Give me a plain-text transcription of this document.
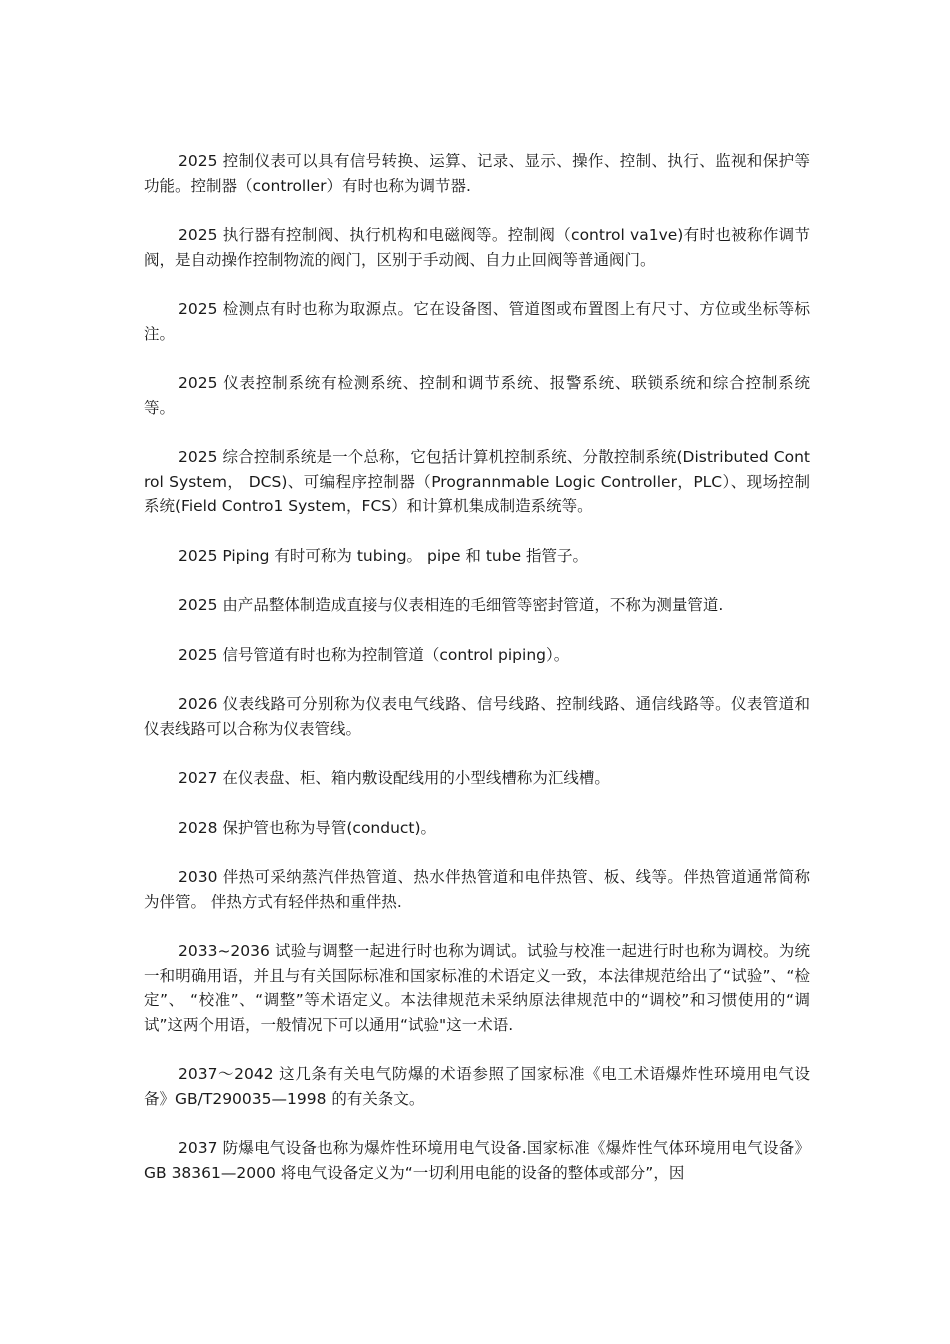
2025 控制仪表可以具有信号转换、运算、记录、显示、操作、控制、执行、监视和保护等功能。控制器（controller）有时也称为调节器.

2025 执行器有控制阀、执行机构和电磁阀等。控制阀（control va1ve)有时也被称作调节阀，是自动操作控制物流的阀门，区别于手动阀、自力止回阀等普通阀门。

2025 检测点有时也称为取源点。它在设备图、管道图或布置图上有尺寸、方位或坐标等标注。

2025 仪表控制系统有检测系统、控制和调节系统、报警系统、联锁系统和综合控制系统等。

2025 综合控制系统是一个总称，它包括计算机控制系统、分散控制系统(Distributed Control System， DCS)、可编程序控制器（Progrannmable Logic Controller，PLC）、现场控制系统(Field Contro1 System，FCS）和计算机集成制造系统等。

2025 Piping 有时可称为 tubing。 pipe 和 tube 指管子。

2025 由产品整体制造成直接与仪表相连的毛细管等密封管道，不称为测量管道.

2025 信号管道有时也称为控制管道（control piping）。

2026 仪表线路可分别称为仪表电气线路、信号线路、控制线路、通信线路等。仪表管道和仪表线路可以合称为仪表管线。

2027 在仪表盘、柜、箱内敷设配线用的小型线槽称为汇线槽。

2028 保护管也称为导管(conduct)。

2030 伴热可采纳蒸汽伴热管道、热水伴热管道和电伴热管、板、线等。伴热管道通常简称为伴管。 伴热方式有轻伴热和重伴热.

2033~2036 试验与调整一起进行时也称为调试。试验与校准一起进行时也称为调校。为统一和明确用语，并且与有关国际标准和国家标准的术语定义一致，本法律规范给出了“试验”、“检定”、 “校准”、“调整”等术语定义。本法律规范未采纳原法律规范中的“调校”和习惯使用的“调试”这两个用语，一般情况下可以通用“试验"这一术语.

2037～2042 这几条有关电气防爆的术语参照了国家标准《电工术语爆炸性环境用电气设备》GB/T290035—1998 的有关条文。

2037 防爆电气设备也称为爆炸性环境用电气设备.国家标准《爆炸性气体环境用电气设备》GB 38361—2000 将电气设备定义为“一切利用电能的设备的整体或部分”，因
